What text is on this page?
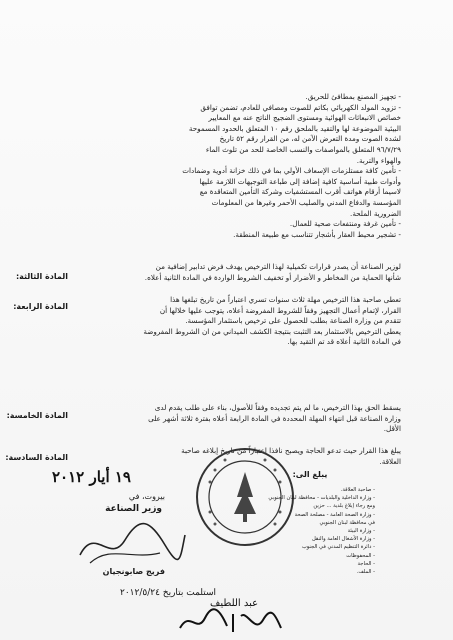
- تجهيز المصنع بمطافئ للحريق.
- تزويد المولد الكهربائي بكاتم للصوت ومصافي للعادم، تضمن توافق
خصائص الانبعاثات الهوائية ومستوى الضجيج الناتج عنه مع المعايير
البيئية الموضوعة لها والتقيد بالملحق رقم ١٠ المتعلق بالحدود المسموحة
لشدة الصوت ومدة التعرض الآمن له، من القرار رقم ٥٢ تاريخ
٩٦/٧/٢٩ المتعلق بالمواصفات والنسب الخاصة للحد من تلوث الماء
والهواء والتربة.
- تأمين كافة مستلزمات الإسعاف الأولي بما في ذلك خزانة أدوية وضمادات
وأدوات طبية أساسية كافية إضافة إلى طباعة التوجيهات اللازمة عليها
لاسيما أرقام هواتف أقرب المستشفيات وشركة التأمين المتعاقدة مع
المؤسسة والدفاع المدني والصليب الأحمر وغيرها من المعلومات
الضرورية الملحة.
- تأمين غرفة ومنتفعات صحية للعمال.
- تشجير محيط العقار بأشجار تتناسب مع طبيعة المنطقة.
المادة الثالثة:
لوزير الصناعة أن يصدر قرارات تكميلية لهذا الترخيص يهدف فرض تدابير إضافية من
شأنها الحماية من المخاطر و الأضرار أو تخفيف الشروط الواردة في المادة الثانية أعلاه.
المادة الرابعة:
تعطى صاحبة هذا الترخيص مهلة ثلاث سنوات تسري اعتباراً من تاريخ تبلغها هذا
القرار، لإتمام أعمال التجهيز وفقاً للشروط المفروضة أعلاه، يتوجب عليها خلالها أن
تتقدم من وزارة الصناعة بطلب للحصول على ترخيص باستثمار المؤسسة.
يعطى الترخيص بالاستثمار بعد التثبت بنتيجة الكشف الميداني من ان الشروط المفروضة
في المادة الثانية أعلاه قد تم التقيد بها.
المادة الخامسة:
يسقط الحق بهذا الترخيص، ما لم يتم تجديده وفقاً للأصول، بناء على طلب يقدم لدى
وزارة الصناعة قبل انتهاء المهلة المحددة في المادة الرابعة أعلاه بفترة ثلاثة أشهر على
الأقل.
المادة السادسة:
يبلغ هذا القرار حيث تدعو الحاجة ويصبح نافذا اعتباراً من تاريخ إبلاغه صاحبة
العلاقة.
١٩ أيار ٢٠١٢
بيروت، في
وزير الصناعة
فريج صابونجيان
يبلغ الى:
- صاحبة العلاقة.
- وزارة الداخلية والبلديات - محافظة لبنان الجنوبي
ومع رجاء إبلاغ بلدية ... حزين
- وزارة الصحة العامة - مصلحة الصحة
في محافظة لبنان الجنوبي
- وزارة البيئة
- وزارة الأشغال العامة والنقل
- دائرة التنظيم المدني في الجنوب
- المحفوظات
- الحاجة
- الملف.
استلمت بتاريخ ٢٠١٢/٥/٢٤
عبد اللطيف
